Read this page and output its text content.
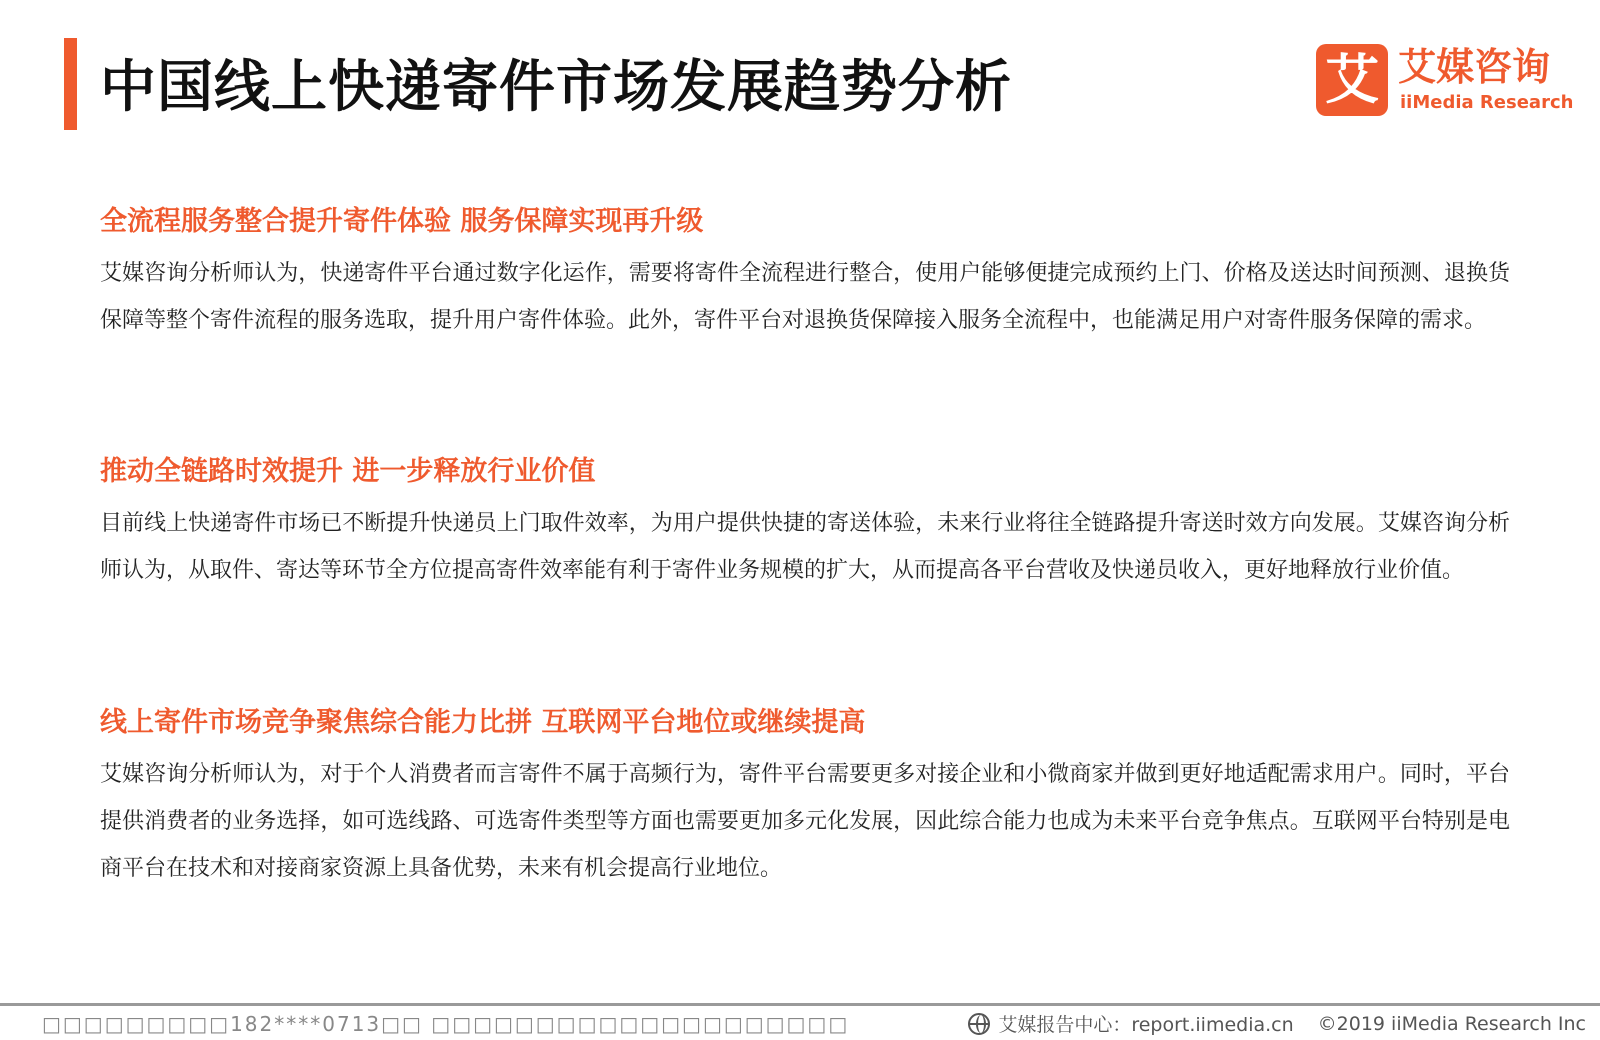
中国线上快递寄件市场发展趋势分析	艾 艾媒咨询
iiMedia Research
全流程服务整合提升寄件体验 服务保障实现再升级

艾媒咨询分析师认为，快递寄件平台通过数字化运作，需要将寄件全流程进行整合，使用户能够便捷完成预约上门、价格及送达时间预测、退换货保障等整个寄件流程的服务选取，提升用户寄件体验。此外，寄件平台对退换货保障接入服务全流程中，也能满足用户对寄件服务保障的需求。

推动全链路时效提升 进一步释放行业价值

目前线上快递寄件市场已不断提升快递员上门取件效率，为用户提供快捷的寄送体验，未来行业将往全链路提升寄送时效方向发展。艾媒咨询分析师认为，从取件、寄达等环节全方位提高寄件效率能有利于寄件业务规模的扩大，从而提高各平台营收及快递员收入，更好地释放行业价值。

线上寄件市场竞争聚焦综合能力比拼 互联网平台地位或继续提高

艾媒咨询分析师认为，对于个人消费者而言寄件不属于高频行为，寄件平台需要更多对接企业和小微商家并做到更好地适配需求用户。同时，平台提供消费者的业务选择，如可选线路、可选寄件类型等方面也需要更加多元化发展，因此综合能力也成为未来平台竞争焦点。互联网平台特别是电商平台在技术和对接商家资源上具备优势，未来有机会提高行业地位。

□□□□□□□□□182****0713□□ □□□□□□□□□□□□□□□□□□□□	艾媒报告中心：report.iimedia.cn ©2019 iiMedia Research Inc
